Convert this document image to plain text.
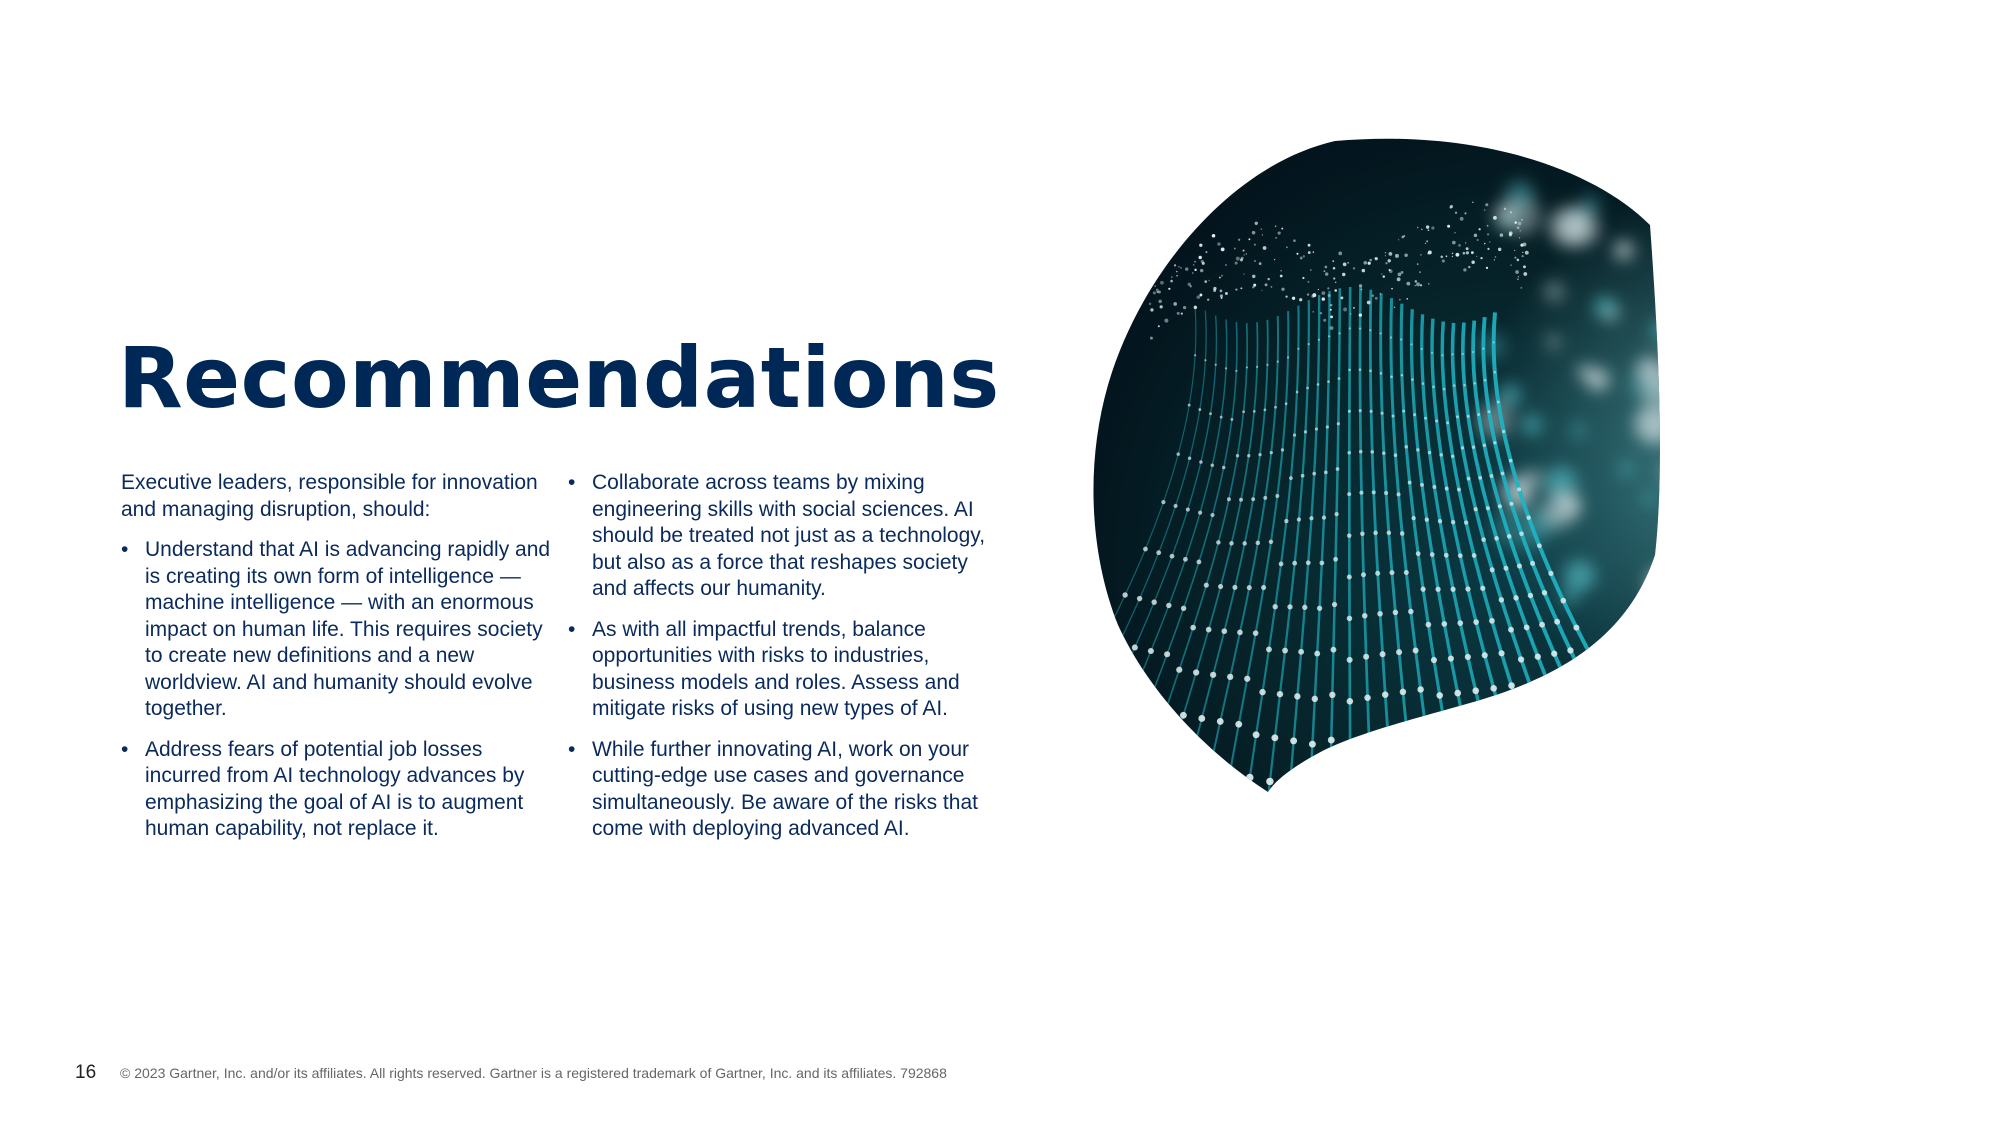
Recommendations

Executive leaders, responsible for innovation and managing disruption, should:

• Understand that AI is advancing rapidly and is creating its own form of intelligence — machine intelligence — with an enormous impact on human life. This requires society to create new definitions and a new worldview. AI and humanity should evolve together.
• Address fears of potential job losses incurred from AI technology advances by emphasizing the goal of AI is to augment human capability, not replace it.
• Collaborate across teams by mixing engineering skills with social sciences. AI should be treated not just as a technology, but also as a force that reshapes society and affects our humanity.
• As with all impactful trends, balance opportunities with risks to industries, business models and roles. Assess and mitigate risks of using new types of AI.
• While further innovating AI, work on your cutting-edge use cases and governance simultaneously. Be aware of the risks that come with deploying advanced AI.
16 © 2023 Gartner, Inc. and/or its affiliates. All rights reserved. Gartner is a registered trademark of Gartner, Inc. and its affiliates. 792868
